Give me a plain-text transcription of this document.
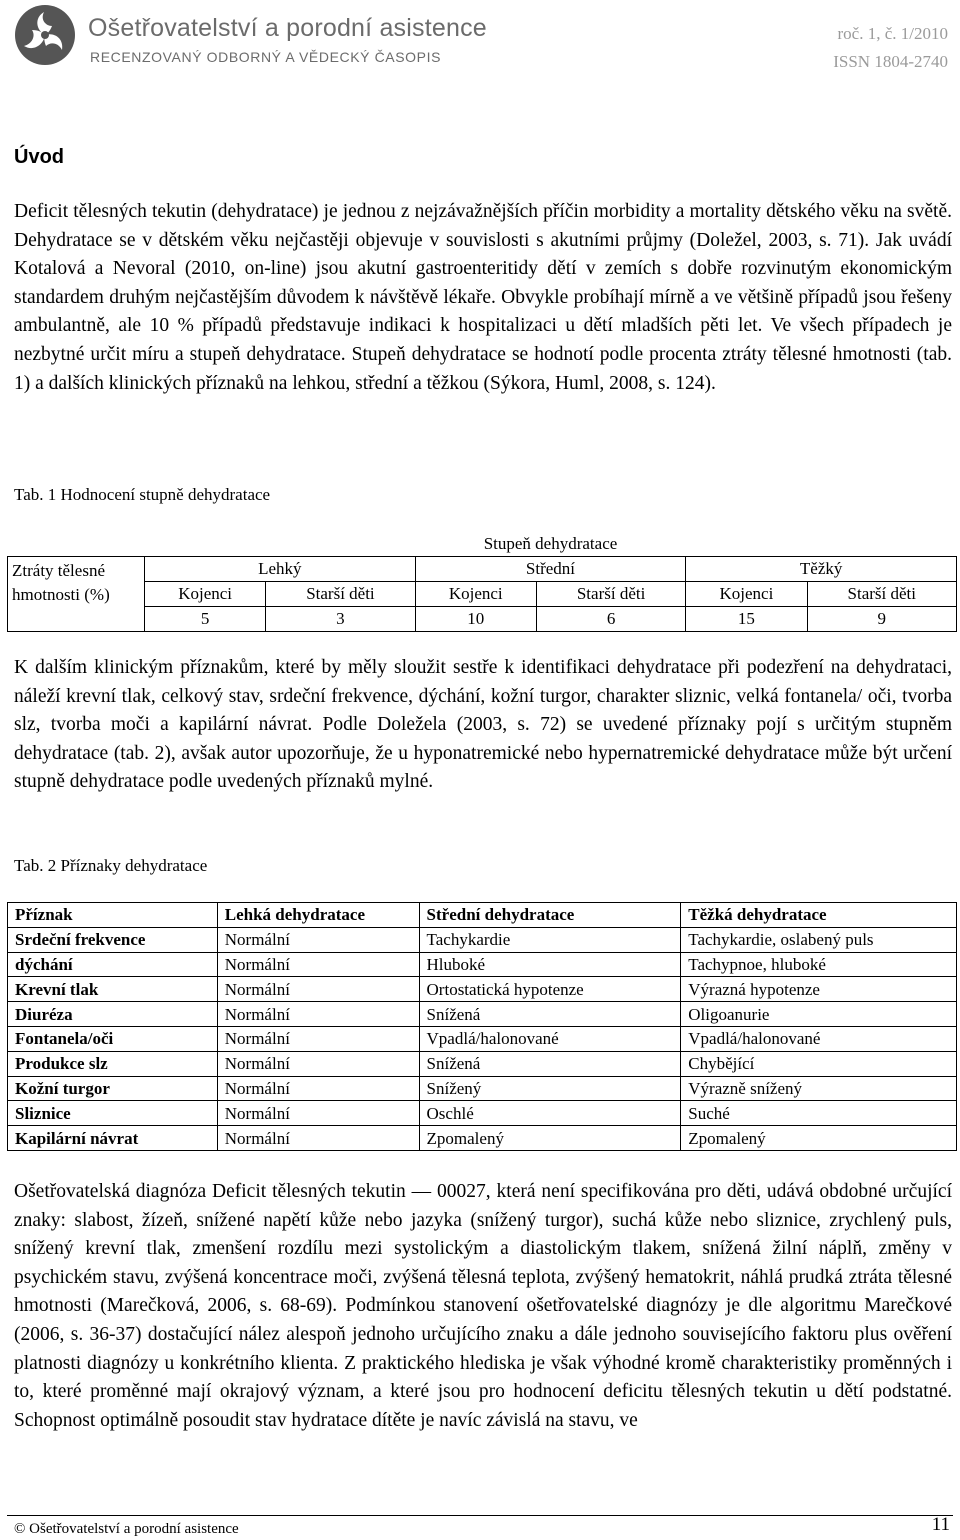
Ošetřovatelství a porodní asistence
RECENZOVANÝ ODBORNÝ A VĚDECKÝ ČASOPIS
roč. 1, č. 1/2010
ISSN 1804-2740
Úvod
Deficit tělesných tekutin (dehydratace) je jednou z nejzávažnějších příčin morbidity a mortality dětského věku na světě. Dehydratace se v dětském věku nejčastěji objevuje v souvislosti s akutními průjmy (Doležel, 2003, s. 71). Jak uvádí Kotalová a Nevoral (2010, on-line) jsou akutní gastroenteritidy dětí v zemích s dobře rozvinutým ekonomickým standardem druhým nejčastějším důvodem k návštěvě lékaře. Obvykle probíhají mírně a ve většině případů jsou řešeny ambulantně, ale 10 % případů představuje indikaci k hospitalizaci u dětí mladších pěti let. Ve všech případech je nezbytné určit míru a stupeň dehydratace. Stupeň dehydratace se hodnotí podle procenta ztráty tělesné hmotnosti (tab. 1) a dalších klinických příznaků na lehkou, střední a těžkou (Sýkora, Huml, 2008, s. 124).
Tab. 1 Hodnocení stupně dehydratace
	Stupeň dehydratace					
Ztráty tělesné hmotnosti (%)	Lehký		Střední		Těžký	
	Kojenci	Starší děti	Kojenci	Starší děti	Kojenci	Starší děti
	5	3	10	6	15	9
K dalším klinickým příznakům, které by měly sloužit sestře k identifikaci dehydratace při podezření na dehydrataci, náleží krevní tlak, celkový stav, srdeční frekvence, dýchání, kožní turgor, charakter sliznic, velká fontanela/ oči, tvorba slz, tvorba moči a kapilární návrat. Podle Doležela (2003, s. 72) se uvedené příznaky pojí s určitým stupněm dehydratace (tab. 2), avšak autor upozorňuje, že u hyponatremické nebo hypernatremické dehydratace může být určení stupně dehydratace podle uvedených příznaků mylné.
Tab. 2 Příznaky dehydratace
Příznak	Lehká dehydratace	Střední dehydratace	Těžká dehydratace
Srdeční frekvence	Normální	Tachykardie	Tachykardie, oslabený puls
dýchání	Normální	Hluboké	Tachypnoe, hluboké
Krevní tlak	Normální	Ortostatická hypotenze	Výrazná hypotenze
Diuréza	Normální	Snížená	Oligoanurie
Fontanela/oči	Normální	Vpadlá/halonované	Vpadlá/halonované
Produkce slz	Normální	Snížená	Chybějící
Kožní turgor	Normální	Snížený	Výrazně snížený
Sliznice	Normální	Oschlé	Suché
Kapilární návrat	Normální	Zpomalený	Zpomalený
Ošetřovatelská diagnóza Deficit tělesných tekutin — 00027, která není specifikována pro děti, udává obdobné určující znaky: slabost, žízeň, snížené napětí kůže nebo jazyka (snížený turgor), suchá kůže nebo sliznice, zrychlený puls, snížený krevní tlak, zmenšení rozdílu mezi systolickým a diastolickým tlakem, snížená žilní náplň, změny v psychickém stavu, zvýšená koncentrace moči, zvýšená tělesná teplota, zvýšený hematokrit, náhlá prudká ztráta tělesné hmotnosti (Marečková, 2006, s. 68-69). Podmínkou stanovení ošetřovatelské diagnózy je dle algoritmu Marečkové (2006, s. 36-37) dostačující nález alespoň jednoho určujícího znaku a dále jednoho souvisejícího faktoru plus ověření platnosti diagnózy u konkrétního klienta. Z praktického hlediska je však výhodné kromě charakteristiky proměnných i to, které proměnné mají okrajový význam, a které jsou pro hodnocení deficitu tělesných tekutin u dětí podstatné. Schopnost optimálně posoudit stav hydratace dítěte je navíc závislá na stavu, ve
© Ošetřovatelství a porodní asistence	11
